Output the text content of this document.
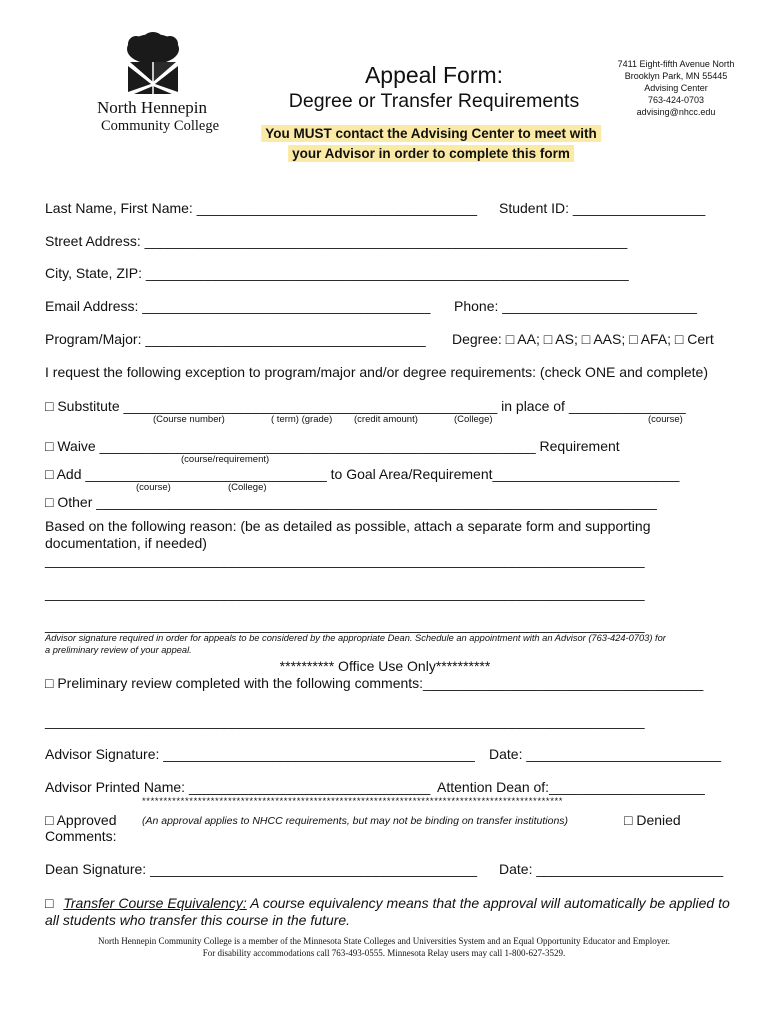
North Hennepin
Community College
Appeal Form:
Degree or Transfer Requirements
7411 Eight-fifth Avenue North
Brooklyn Park, MN 55445
Advising Center
763-424-0703
advising@nhcc.edu
You MUST contact the Advising Center to meet with
your Advisor in order to complete this form
Last Name, First Name: ____________________________________ Student ID: _________________
Street Address: ______________________________________________________________
City, State, ZIP: ______________________________________________________________
Email Address: _____________________________________ Phone: _________________________
Program/Major: ____________________________________ Degree: □ AA; □ AS; □ AAS; □ AFA; □ Cert
I request the following exception to program/major and/or degree requirements: (check ONE and complete)
□ Substitute ________________________________________________ in place of _______________
(Course number)	( term) (grade) (credit amount)	(College)	(course)
□ Waive ________________________________________________________ Requirement
(course/requirement)
□ Add _______________________________ to Goal Area/Requirement________________________
(course)	(College)
□ Other ________________________________________________________________________
Based on the following reason: (be as detailed as possible, attach a separate form and supporting
documentation, if needed)
_____________________________________________________________________________
_____________________________________________________________________________
_____________________________________________________________________________
Advisor signature required in order for appeals to be considered by the appropriate Dean. Schedule an appointment with an Advisor (763-424-0703) for
a preliminary review of your appeal.
********** Office Use Only**********
□ Preliminary review completed with the following comments:____________________________________
_____________________________________________________________________________
Advisor Signature: ________________________________________ Date: _________________________
Advisor Printed Name: _______________________________ Attention Dean of:____________________
**************************************************************************************************
□ Approved (An approval applies to NHCC requirements, but may not be binding on transfer institutions)	□ Denied
Comments:
Dean Signature: __________________________________________ Date: ________________________
□ Transfer Course Equivalency: A course equivalency means that the approval will automatically be applied to
all students who transfer this course in the future.
North Hennepin Community College is a member of the Minnesota State Colleges and Universities System and an Equal Opportunity Educator and Employer.
For disability accommodations call 763-493-0555. Minnesota Relay users may call 1-800-627-3529.
